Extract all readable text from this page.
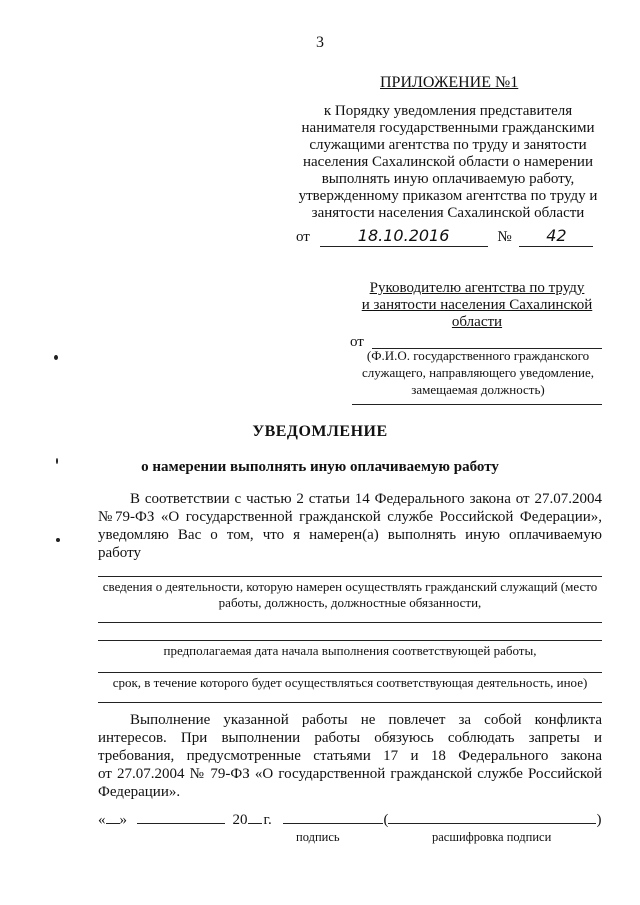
3
ПРИЛОЖЕНИЕ №1
к Порядку уведомления представителя
нанимателя государственными гражданскими
служащими агентства по труду и занятости
населения Сахалинской области о намерении
выполнять иную оплачиваемую работу,
утвержденному приказом агентства по труду и
занятости населения Сахалинской области
от	18.10.2016	№ 42
Руководителю агентства по труду
и занятости населения Сахалинской
области
от
(Ф.И.О. государственного гражданского
служащего, направляющего уведомление,
замещаемая должность)
УВЕДОМЛЕНИЕ
о намерении выполнять иную оплачиваемую работу
В соответствии с частью 2 статьи 14 Федерального закона от 27.07.2004
№79-ФЗ «О государственной гражданской службе Российской Федерации»,
уведомляю Вас о том, что я намерен(а) выполнять иную оплачиваемую
работу
сведения о деятельности, которую намерен осуществлять гражданский служащий (место
работы, должность, должностные обязанности,
предполагаемая дата начала выполнения соответствующей работы,
срок, в течение которого будет осуществляться соответствующая деятельность, иное)
Выполнение указанной работы не повлечет за собой конфликта
интересов. При выполнении работы обязуюсь соблюдать запреты и
требования, предусмотренные статьями 17 и 18 Федерального закона
от 27.07.2004 № 79-ФЗ «О государственной гражданской службе Российской
Федерации».
« »	20 г.	(	)
подпись	расшифровка подписи
